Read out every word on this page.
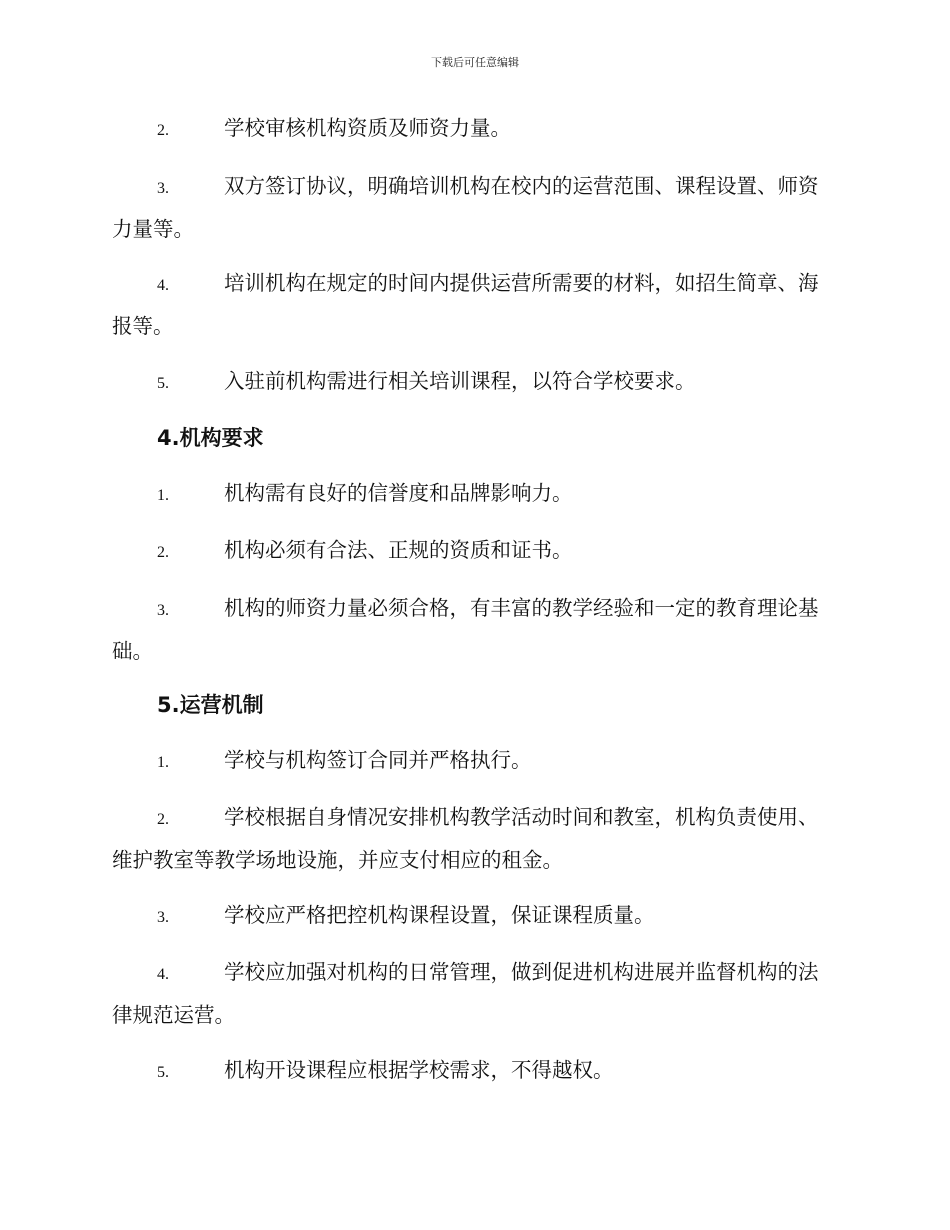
下载后可任意编辑

2.	学校审核机构资质及师资力量。

3.	双方签订协议，明确培训机构在校内的运营范围、课程设置、师资力量等。

4.	培训机构在规定的时间内提供运营所需要的材料，如招生简章、海报等。

5.	入驻前机构需进行相关培训课程，以符合学校要求。

4.机构要求

1.	机构需有良好的信誉度和品牌影响力。

2.	机构必须有合法、正规的资质和证书。

3.	机构的师资力量必须合格，有丰富的教学经验和一定的教育理论基础。

5.运营机制

1.	学校与机构签订合同并严格执行。

2.	学校根据自身情况安排机构教学活动时间和教室，机构负责使用、维护教室等教学场地设施，并应支付相应的租金。

3.	学校应严格把控机构课程设置，保证课程质量。

4.	学校应加强对机构的日常管理，做到促进机构进展并监督机构的法律规范运营。

5.	机构开设课程应根据学校需求，不得越权。
